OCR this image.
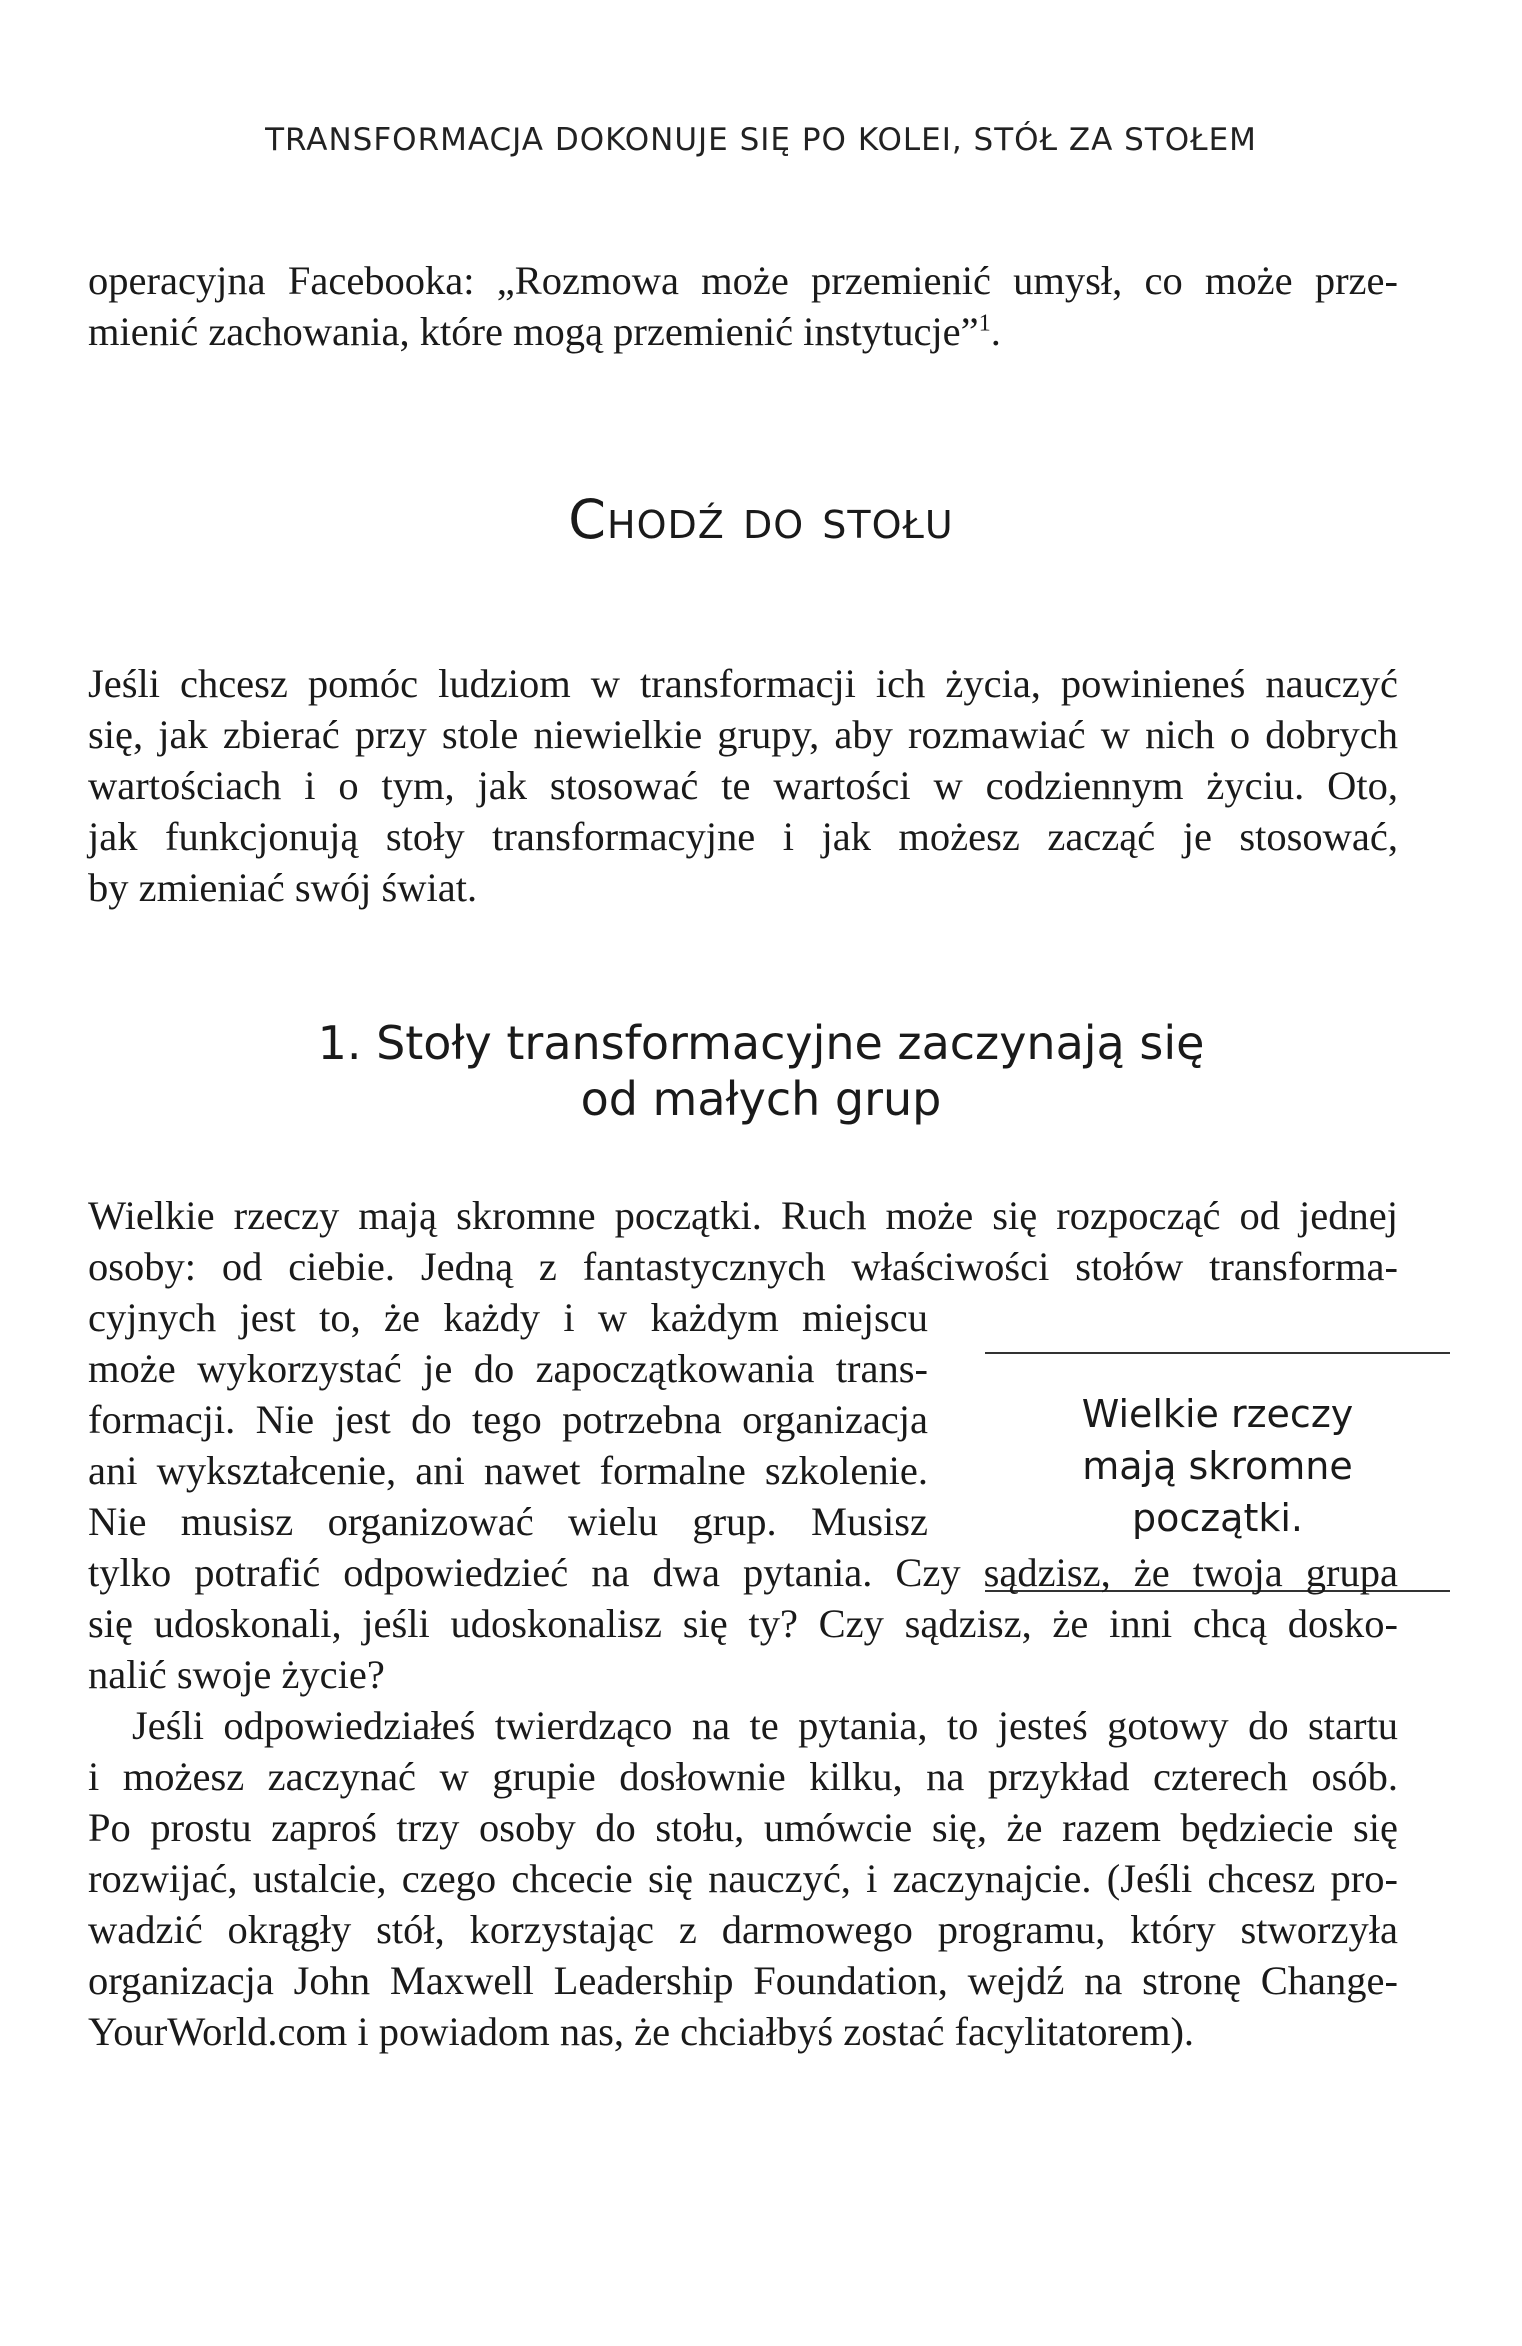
TRANSFORMACJA DOKONUJE SIĘ PO KOLEI, STÓŁ ZA STOŁEM
operacyjna Facebooka: „Rozmowa może przemienić umysł, co może prze-
mienić zachowania, które mogą przemienić instytucje”$^1$.
Chodź do stołu
Jeśli chcesz pomóc ludziom w transformacji ich życia, powinieneś nauczyć
się, jak zbierać przy stole niewielkie grupy, aby rozmawiać w nich o dobrych
wartościach i o tym, jak stosować te wartości w codziennym życiu. Oto,
jak funkcjonują stoły transformacyjne i jak możesz zacząć je stosować,
by zmieniać swój świat.
1. Stoły transformacyjne zaczynają się
od małych grup
Wielkie rzeczy mają skromne początki. Ruch może się rozpocząć od jednej
osoby: od ciebie. Jedną z fantastycznych właściwości stołów transforma-
cyjnych jest to, że każdy i w każdym miejscu
może wykorzystać je do zapoczątkowania trans-
formacji. Nie jest do tego potrzebna organizacja
ani wykształcenie, ani nawet formalne szkolenie.
Nie musisz organizować wielu grup. Musisz
Wielkie rzeczy
mają skromne
początki.
tylko potrafić odpowiedzieć na dwa pytania. Czy sądzisz, że twoja grupa
się udoskonali, jeśli udoskonalisz się ty? Czy sądzisz, że inni chcą dosko-
nalić swoje życie?
Jeśli odpowiedziałeś twierdząco na te pytania, to jesteś gotowy do startu
i możesz zaczynać w grupie dosłownie kilku, na przykład czterech osób.
Po prostu zaproś trzy osoby do stołu, umówcie się, że razem będziecie się
rozwijać, ustalcie, czego chcecie się nauczyć, i zaczynajcie. (Jeśli chcesz pro-
wadzić okrągły stół, korzystając z darmowego programu, który stworzyła
organizacja John Maxwell Leadership Foundation, wejdź na stronę Change-
YourWorld.com i powiadom nas, że chciałbyś zostać facylitatorem).
